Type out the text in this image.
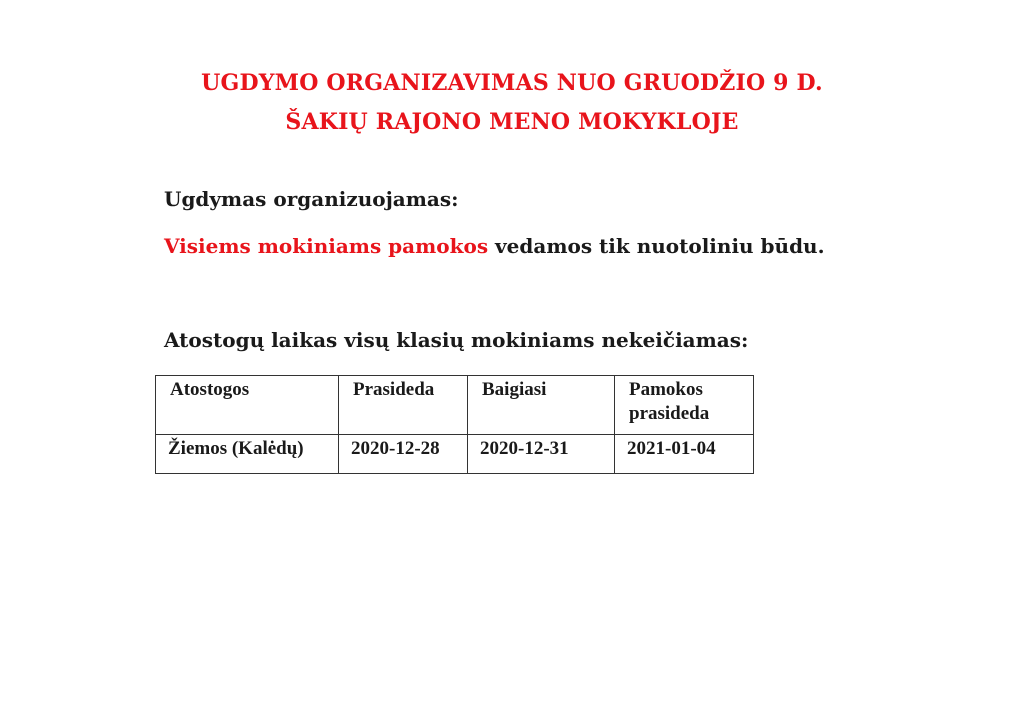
UGDYMO ORGANIZAVIMAS NUO GRUODŽIO 9 D.
ŠAKIŲ RAJONO MENO MOKYKLOJE
Ugdymas organizuojamas:
Visiems mokiniams pamokos vedamos tik nuotoliniu būdu.
Atostogų laikas visų klasių mokiniams nekeičiamas:
Atostogos	Prasideda	Baigiasi	Pamokos
prasideda

Žiemos (Kalėdų)	2020-12-28	2020-12-31	2021-01-04
